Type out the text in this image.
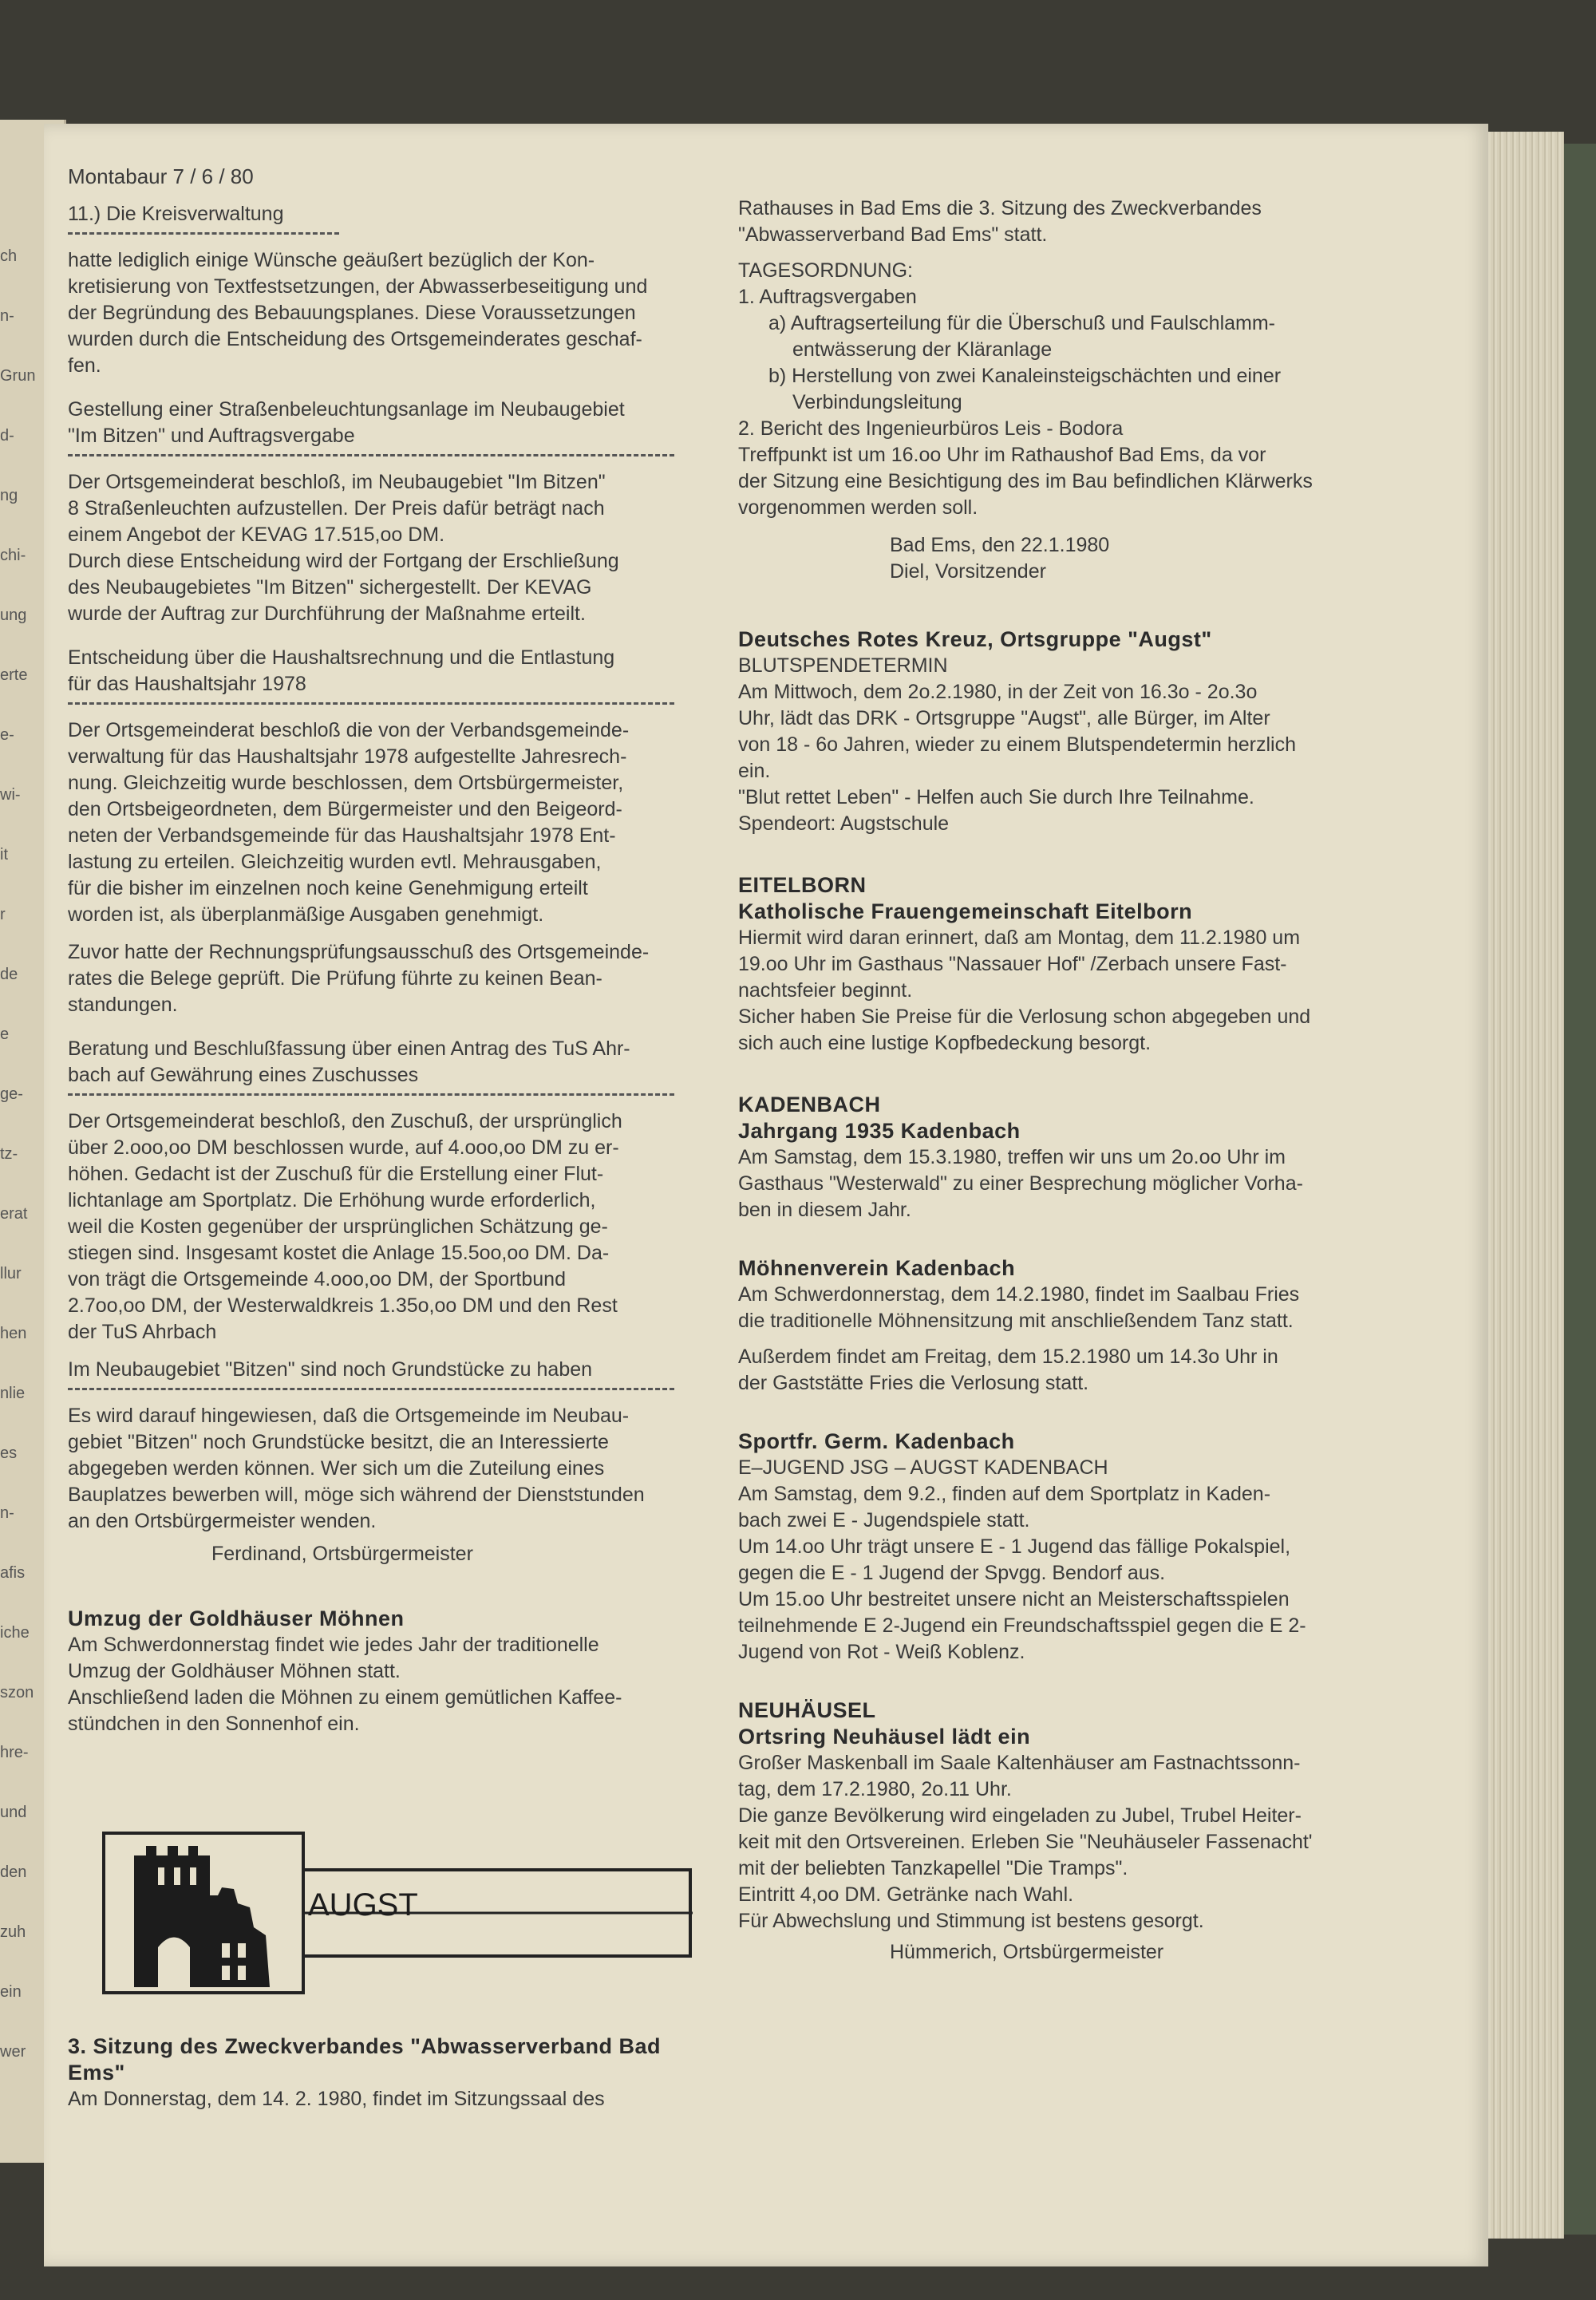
ch
n-
Grun
d-
ng
chi-
ung
erte
e-
wi-
it
r
de
e
ge-
tz-
erat
llur
hen
nlie
es
n-
afis
iche
szon
hre-
und
den
zuh
ein
wer

Montabaur 7 / 6 / 80

11.) Die Kreisverwaltung

hatte lediglich einige Wünsche geäußert bezüglich der Kon-
kretisierung von Textfestsetzungen, der Abwasserbeseitigung und
der Begründung des Bebauungsplanes. Diese Voraussetzungen
wurden durch die Entscheidung des Ortsgemeinderates geschaf-
fen.
Gestellung einer Straßenbeleuchtungsanlage im Neubaugebiet
"Im Bitzen" und Auftragsvergabe
Der Ortsgemeinderat beschloß, im Neubaugebiet "Im Bitzen"
8 Straßenleuchten aufzustellen. Der Preis dafür beträgt nach
einem Angebot der KEVAG 17.515,oo DM.
Durch diese Entscheidung wird der Fortgang der Erschließung
des Neubaugebietes "Im Bitzen" sichergestellt. Der KEVAG
wurde der Auftrag zur Durchführung der Maßnahme erteilt.
Entscheidung über die Haushaltsrechnung und die Entlastung
für das Haushaltsjahr 1978
Der Ortsgemeinderat beschloß die von der Verbandsgemeinde-
verwaltung für das Haushaltsjahr 1978 aufgestellte Jahresrech-
nung. Gleichzeitig wurde beschlossen, dem Ortsbürgermeister,
den Ortsbeigeordneten, dem Bürgermeister und den Beigeord-
neten der Verbandsgemeinde für das Haushaltsjahr 1978 Ent-
lastung zu erteilen. Gleichzeitig wurden evtl. Mehrausgaben,
für die bisher im einzelnen noch keine Genehmigung erteilt
worden ist, als überplanmäßige Ausgaben genehmigt.
Zuvor hatte der Rechnungsprüfungsausschuß des Ortsgemeinde-
rates die Belege geprüft. Die Prüfung führte zu keinen Bean-
standungen.
Beratung und Beschlußfassung über einen Antrag des TuS Ahr-
bach auf Gewährung eines Zuschusses
Der Ortsgemeinderat beschloß, den Zuschuß, der ursprünglich
über 2.ooo,oo DM beschlossen wurde, auf 4.ooo,oo DM zu er-
höhen. Gedacht ist der Zuschuß für die Erstellung einer Flut-
lichtanlage am Sportplatz. Die Erhöhung wurde erforderlich,
weil die Kosten gegenüber der ursprünglichen Schätzung ge-
stiegen sind. Insgesamt kostet die Anlage 15.5oo,oo DM. Da-
von trägt die Ortsgemeinde 4.ooo,oo DM, der Sportbund
2.7oo,oo DM, der Westerwaldkreis 1.35o,oo DM und den Rest
der TuS Ahrbach

Im Neubaugebiet "Bitzen" sind noch Grundstücke zu haben

Es wird darauf hingewiesen, daß die Ortsgemeinde im Neubau-
gebiet "Bitzen" noch Grundstücke besitzt, die an Interessierte
abgegeben werden können. Wer sich um die Zuteilung eines
Bauplatzes bewerben will, möge sich während der Dienststunden
an den Ortsbürgermeister wenden.

Ferdinand, Ortsbürgermeister

Umzug der Goldhäuser Möhnen

Am Schwerdonnerstag findet wie jedes Jahr der traditionelle
Umzug der Goldhäuser Möhnen statt.
Anschließend laden die Möhnen zu einem gemütlichen Kaffee-
stündchen in den Sonnenhof ein.
AUGST

3. Sitzung des Zweckverbandes "Abwasserverband Bad Ems"

Am Donnerstag, dem 14. 2. 1980, findet im Sitzungssaal des

Rathauses in Bad Ems die 3. Sitzung des Zweckverbandes
"Abwasserverband Bad Ems" statt.

TAGESORDNUNG:

1. Auftragsvergaben
a) Auftragserteilung für die Überschuß und Faulschlamm-
entwässerung der Kläranlage
b) Herstellung von zwei Kanaleinsteigschächten und einer
Verbindungsleitung
2. Bericht des Ingenieurbüros Leis - Bodora
Treffpunkt ist um 16.oo Uhr im Rathaushof Bad Ems, da vor
der Sitzung eine Besichtigung des im Bau befindlichen Klärwerks
vorgenommen werden soll.
Bad Ems, den 22.1.1980
Diel, Vorsitzender

Deutsches Rotes Kreuz, Ortsgruppe "Augst"

BLUTSPENDETERMIN

Am Mittwoch, dem 2o.2.1980, in der Zeit von 16.3o - 2o.3o
Uhr, lädt das DRK - Ortsgruppe "Augst", alle Bürger, im Alter
von 18 - 6o Jahren, wieder zu einem Blutspendetermin herzlich
ein.
"Blut rettet Leben" - Helfen auch Sie durch Ihre Teilnahme.
Spendeort: Augstschule

EITELBORN

Katholische Frauengemeinschaft Eitelborn

Hiermit wird daran erinnert, daß am Montag, dem 11.2.1980 um
19.oo Uhr im Gasthaus "Nassauer Hof" /Zerbach unsere Fast-
nachtsfeier beginnt.
Sicher haben Sie Preise für die Verlosung schon abgegeben und
sich auch eine lustige Kopfbedeckung besorgt.

KADENBACH

Jahrgang 1935 Kadenbach

Am Samstag, dem 15.3.1980, treffen wir uns um 2o.oo Uhr im
Gasthaus "Westerwald" zu einer Besprechung möglicher Vorha-
ben in diesem Jahr.

Möhnenverein Kadenbach

Am Schwerdonnerstag, dem 14.2.1980, findet im Saalbau Fries
die traditionelle Möhnensitzung mit anschließendem Tanz statt.
Außerdem findet am Freitag, dem 15.2.1980 um 14.3o Uhr in
der Gaststätte Fries die Verlosung statt.

Sportfr. Germ. Kadenbach

E–JUGEND JSG – AUGST KADENBACH

Am Samstag, dem 9.2., finden auf dem Sportplatz in Kaden-
bach zwei E - Jugendspiele statt.
Um 14.oo Uhr trägt unsere E - 1 Jugend das fällige Pokalspiel,
gegen die E - 1 Jugend der Spvgg. Bendorf aus.
Um 15.oo Uhr bestreitet unsere nicht an Meisterschaftsspielen
teilnehmende E 2-Jugend ein Freundschaftsspiel gegen die E 2-
Jugend von Rot - Weiß Koblenz.

NEUHÄUSEL

Ortsring Neuhäusel lädt ein

Großer Maskenball im Saale Kaltenhäuser am Fastnachtssonn-
tag, dem 17.2.1980, 2o.11 Uhr.
Die ganze Bevölkerung wird eingeladen zu Jubel, Trubel Heiter-
keit mit den Ortsvereinen. Erleben Sie "Neuhäuseler Fassenacht'
mit der beliebten Tanzkapellel "Die Tramps".
Eintritt 4,oo DM. Getränke nach Wahl.
Für Abwechslung und Stimmung ist bestens gesorgt.

Hümmerich, Ortsbürgermeister
